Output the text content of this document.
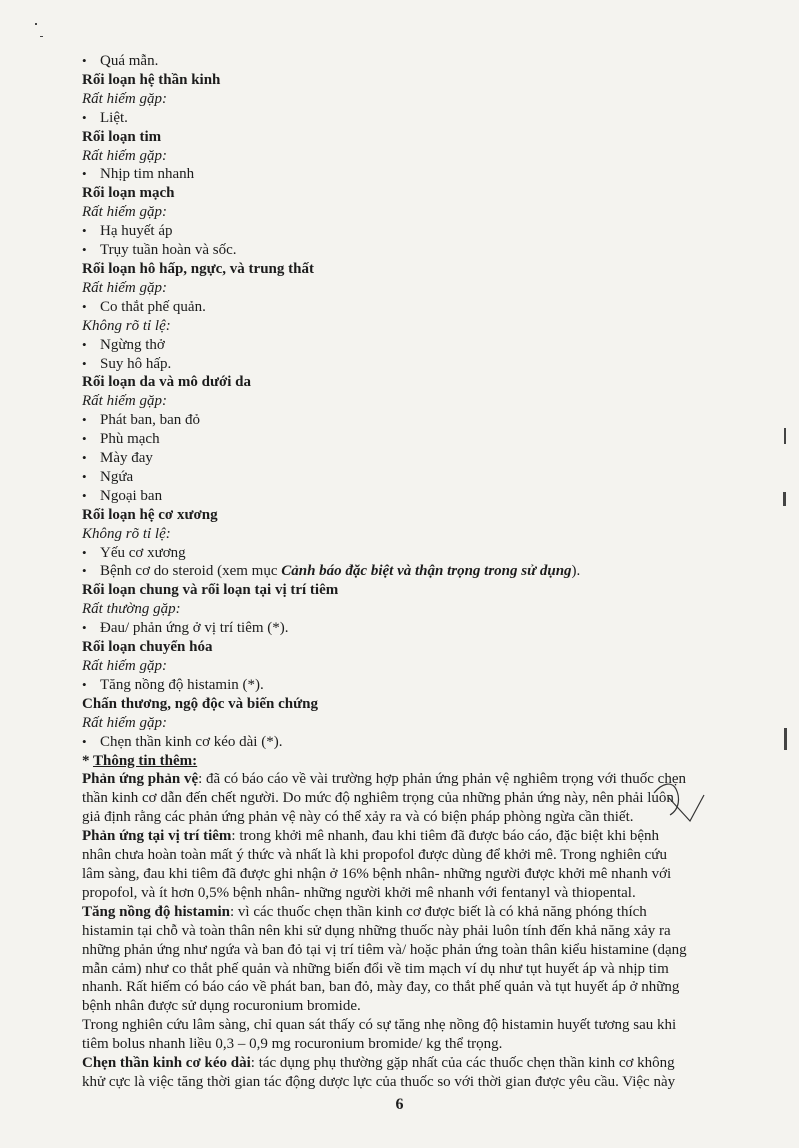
• Quá mẫn.
Rối loạn hệ thần kinh
Rất hiếm gặp:
• Liệt.
Rối loạn tim
Rất hiếm gặp:
• Nhịp tim nhanh
Rối loạn mạch
Rất hiếm gặp:
• Hạ huyết áp
• Trụy tuần hoàn và sốc.
Rối loạn hô hấp, ngực, và trung thất
Rất hiếm gặp:
• Co thắt phế quản.
Không rõ tỉ lệ:
• Ngừng thở
• Suy hô hấp.
Rối loạn da và mô dưới da
Rất hiếm gặp:
• Phát ban, ban đỏ
• Phù mạch
• Mày đay
• Ngứa
• Ngoại ban
Rối loạn hệ cơ xương
Không rõ tỉ lệ:
• Yếu cơ xương
• Bệnh cơ do steroid (xem mục Cảnh báo đặc biệt và thận trọng trong sử dụng).
Rối loạn chung và rối loạn tại vị trí tiêm
Rất thường gặp:
• Đau/ phản ứng ở vị trí tiêm (*).
Rối loạn chuyển hóa
Rất hiếm gặp:
• Tăng nồng độ histamin (*).
Chấn thương, ngộ độc và biến chứng
Rất hiếm gặp:
• Chẹn thần kinh cơ kéo dài (*).
* Thông tin thêm:
Phản ứng phản vệ: đã có báo cáo về vài trường hợp phản ứng phản vệ nghiêm trọng với thuốc chẹn
thần kinh cơ dẫn đến chết người. Do mức độ nghiêm trọng của những phản ứng này, nên phải luôn
giả định rằng các phản ứng phản vệ này có thể xảy ra và có biện pháp phòng ngừa cần thiết.
Phản ứng tại vị trí tiêm: trong khởi mê nhanh, đau khi tiêm đã được báo cáo, đặc biệt khi bệnh
nhân chưa hoàn toàn mất ý thức và nhất là khi propofol được dùng để khởi mê. Trong nghiên cứu
lâm sàng, đau khi tiêm đã được ghi nhận ở 16% bệnh nhân- những người được khởi mê nhanh với
propofol, và ít hơn 0,5% bệnh nhân- những người khởi mê nhanh với fentanyl và thiopental.
Tăng nồng độ histamin: vì các thuốc chẹn thần kinh cơ được biết là có khả năng phóng thích
histamin tại chỗ và toàn thân nên khi sử dụng những thuốc này phải luôn tính đến khả năng xảy ra
những phản ứng như ngứa và ban đỏ tại vị trí tiêm và/ hoặc phản ứng toàn thân kiểu histamine (dạng
mẫn cảm) như co thắt phế quản và những biến đổi về tim mạch ví dụ như tụt huyết áp và nhịp tim
nhanh. Rất hiếm có báo cáo về phát ban, ban đỏ, mày đay, co thắt phế quản và tụt huyết áp ở những
bệnh nhân được sử dụng rocuronium bromide.
Trong nghiên cứu lâm sàng, chỉ quan sát thấy có sự tăng nhẹ nồng độ histamin huyết tương sau khi
tiêm bolus nhanh liều 0,3 – 0,9 mg rocuronium bromide/ kg thể trọng.
Chẹn thần kinh cơ kéo dài: tác dụng phụ thường gặp nhất của các thuốc chẹn thần kinh cơ không
khử cực là việc tăng thời gian tác động dược lực của thuốc so với thời gian được yêu cầu. Việc này
6
